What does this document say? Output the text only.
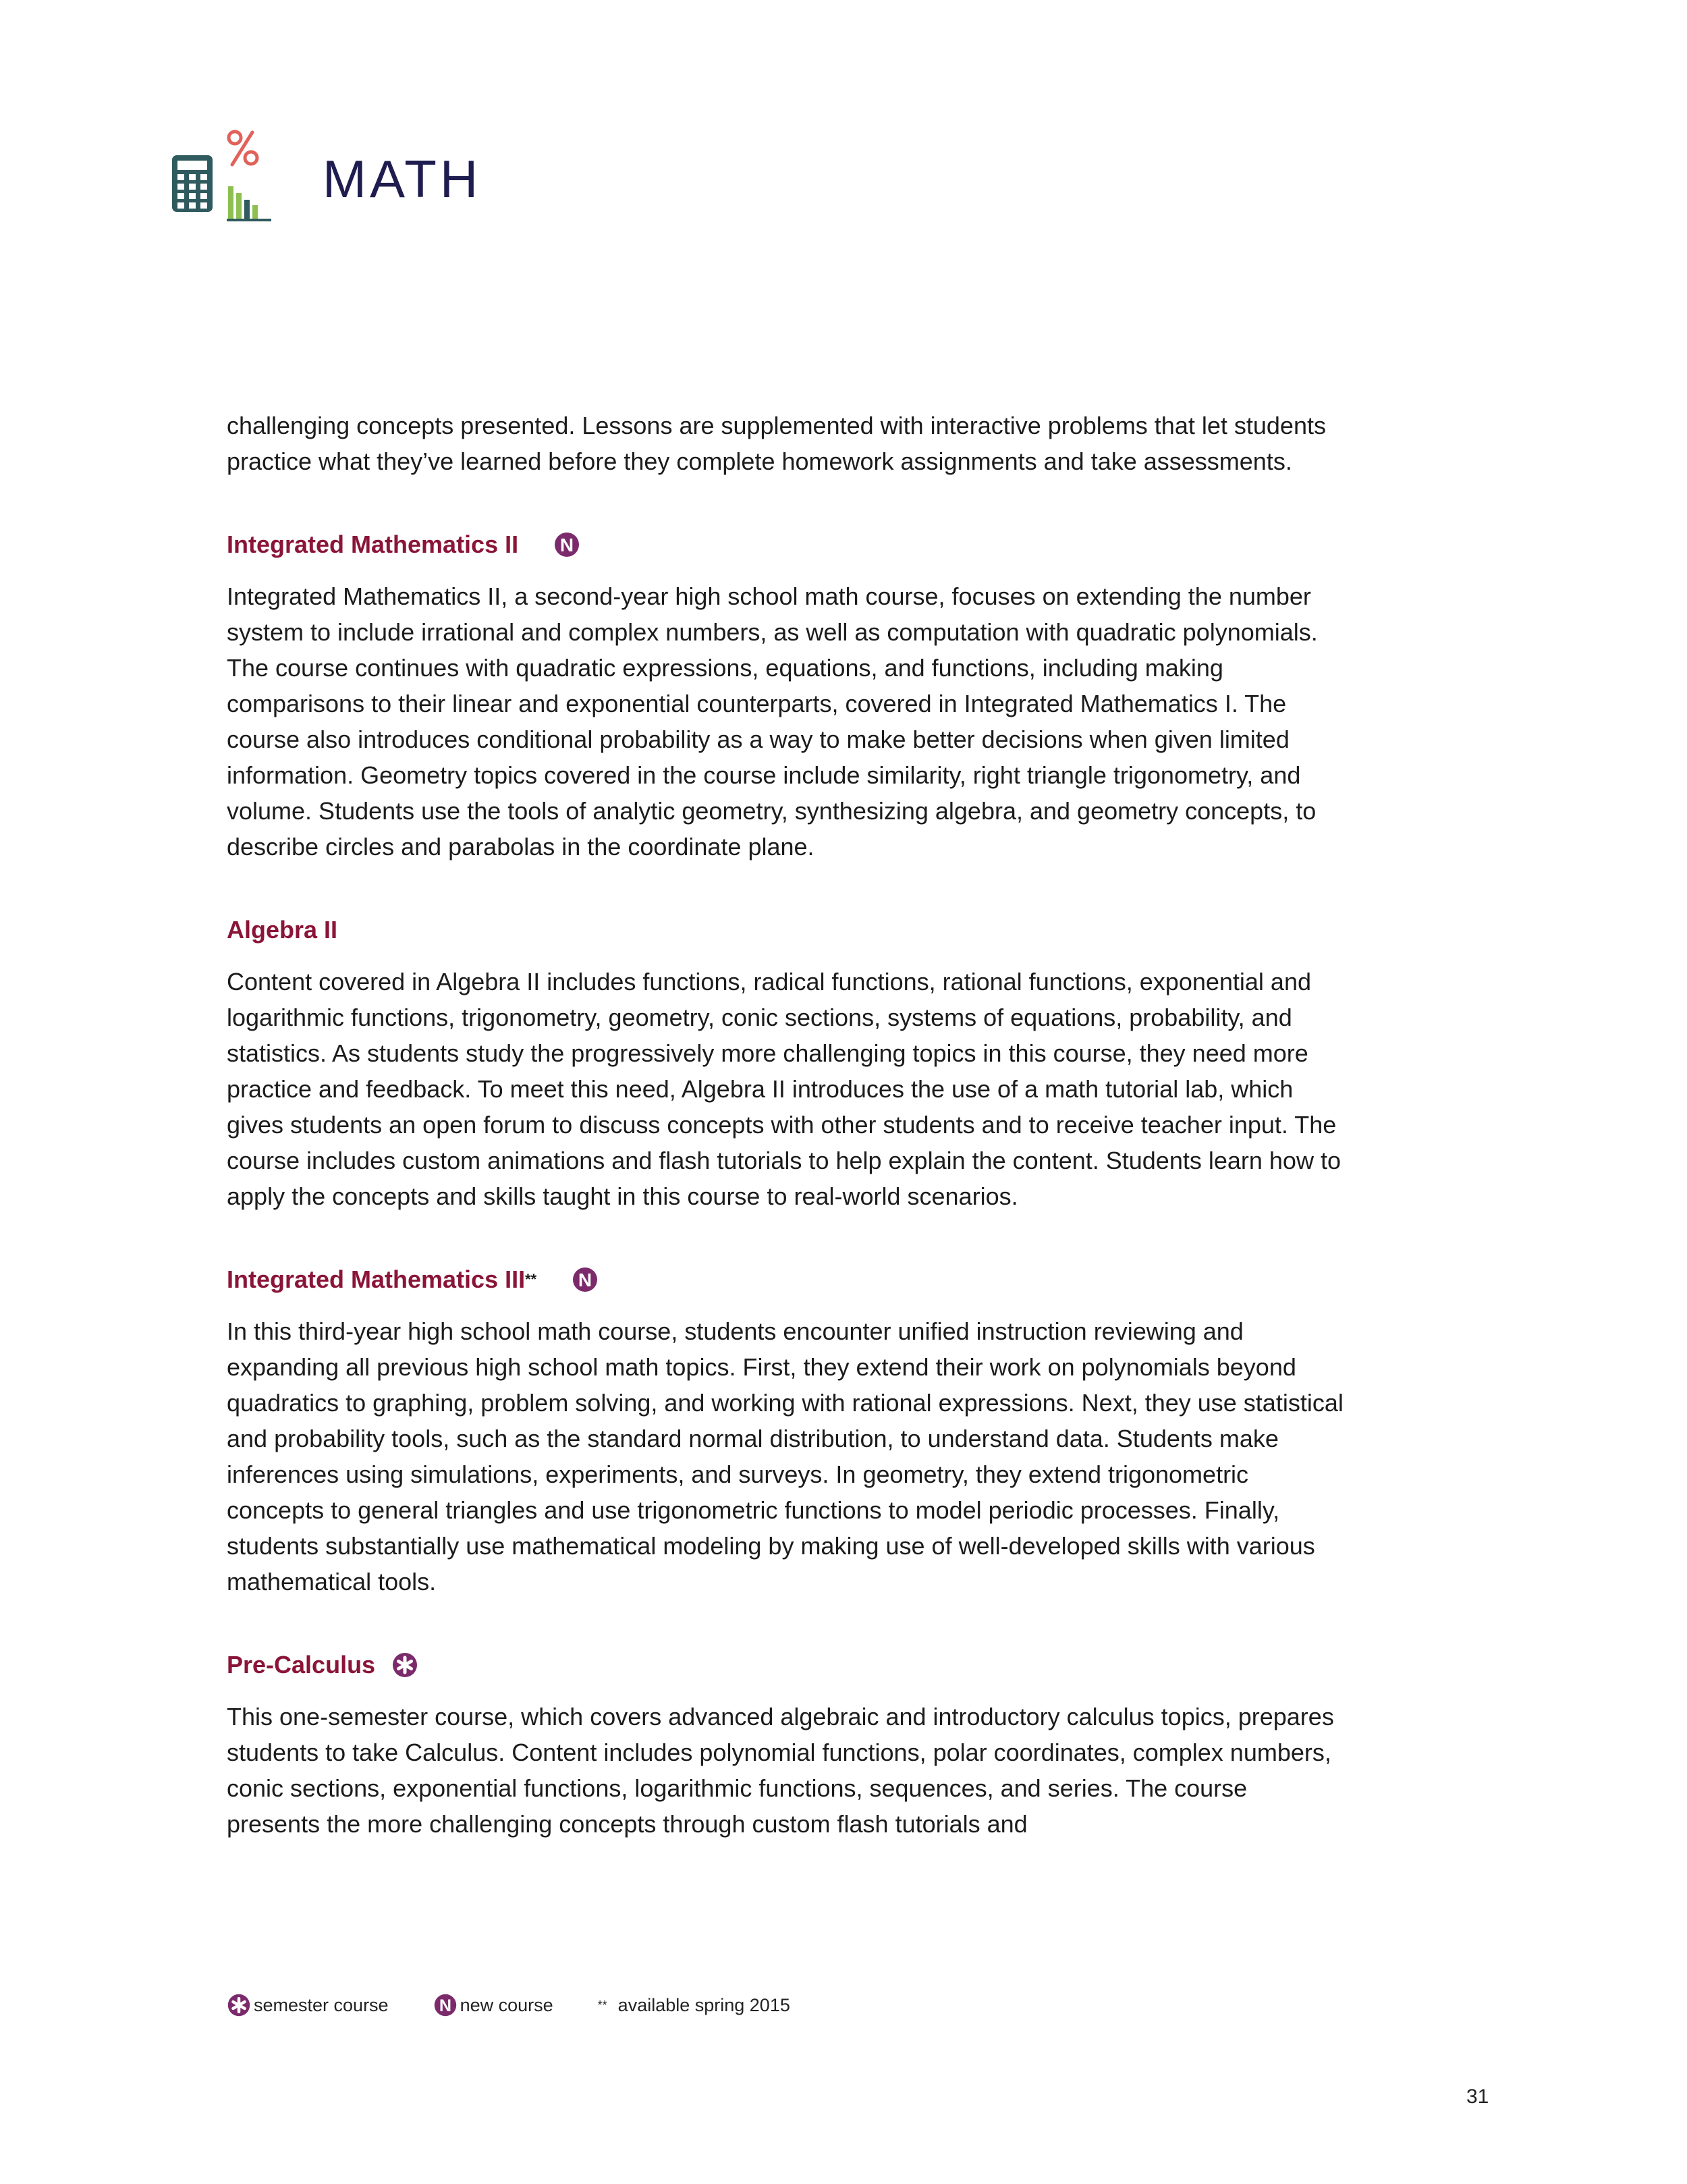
MATH

challenging concepts presented. Lessons are supplemented with interactive problems that let students practice what they’ve learned before they complete homework assignments and take assessments.

Integrated Mathematics II N

Integrated Mathematics II, a second-year high school math course, focuses on extending the number system to include irrational and complex numbers, as well as computation with quadratic polynomials. The course continues with quadratic expressions, equations, and functions, including making comparisons to their linear and exponential counterparts, covered in Integrated Mathematics I. The course also introduces conditional probability as a way to make better decisions when given limited information. Geometry topics covered in the course include similarity, right triangle trigonometry, and volume. Students use the tools of analytic geometry, synthesizing algebra, and geometry concepts, to describe circles and parabolas in the coordinate plane.

Algebra II

Content covered in Algebra II includes functions, radical functions, rational functions, exponential and logarithmic functions, trigonometry, geometry, conic sections, systems of equations, probability, and statistics. As students study the progressively more challenging topics in this course, they need more practice and feedback. To meet this need, Algebra II introduces the use of a math tutorial lab, which gives students an open forum to discuss concepts with other students and to receive teacher input. The course includes custom animations and flash tutorials to help explain the content. Students learn how to apply the concepts and skills taught in this course to real-world scenarios.

Integrated Mathematics III ** N

In this third-year high school math course, students encounter unified instruction reviewing and expanding all previous high school math topics. First, they extend their work on polynomials beyond quadratics to graphing, problem solving, and working with rational expressions. Next, they use statistical and probability tools, such as the standard normal distribution, to understand data. Students make inferences using simulations, experiments, and surveys. In geometry, they extend trigonometric concepts to general triangles and use trigonometric functions to model periodic processes. Finally, students substantially use mathematical modeling by making use of well-developed skills with various mathematical tools.

Pre-Calculus

This one-semester course, which covers advanced algebraic and introductory calculus topics, prepares students to take Calculus. Content includes polynomial functions, polar coordinates, complex numbers, conic sections, exponential functions, logarithmic functions, sequences, and series. The course presents the more challenging concepts through custom flash tutorials and

semester course	N new course	** available spring 2015
31
